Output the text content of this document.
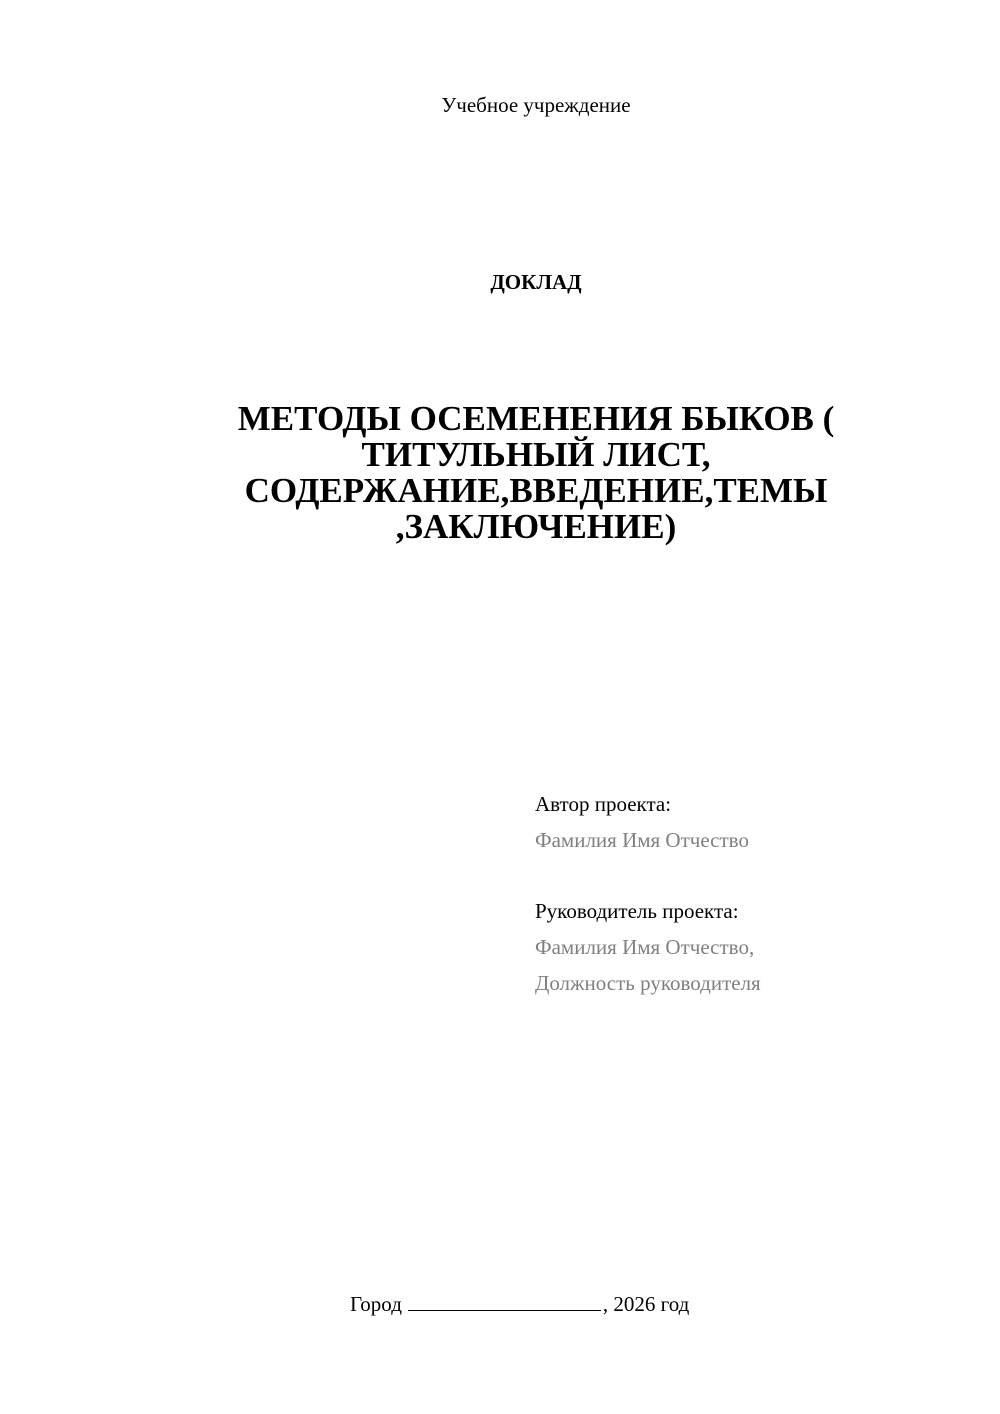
Учебное учреждение
ДОКЛАД
МЕТОДЫ ОСЕМЕНЕНИЯ БЫКОВ (
ТИТУЛЬНЫЙ ЛИСТ,
СОДЕРЖАНИЕ,ВВЕДЕНИЕ,ТЕМЫ
,ЗАКЛЮЧЕНИЕ)
Автор проекта:
Фамилия Имя Отчество
Руководитель проекта:
Фамилия Имя Отчество,
Должность руководителя
Город	, 2026 год
